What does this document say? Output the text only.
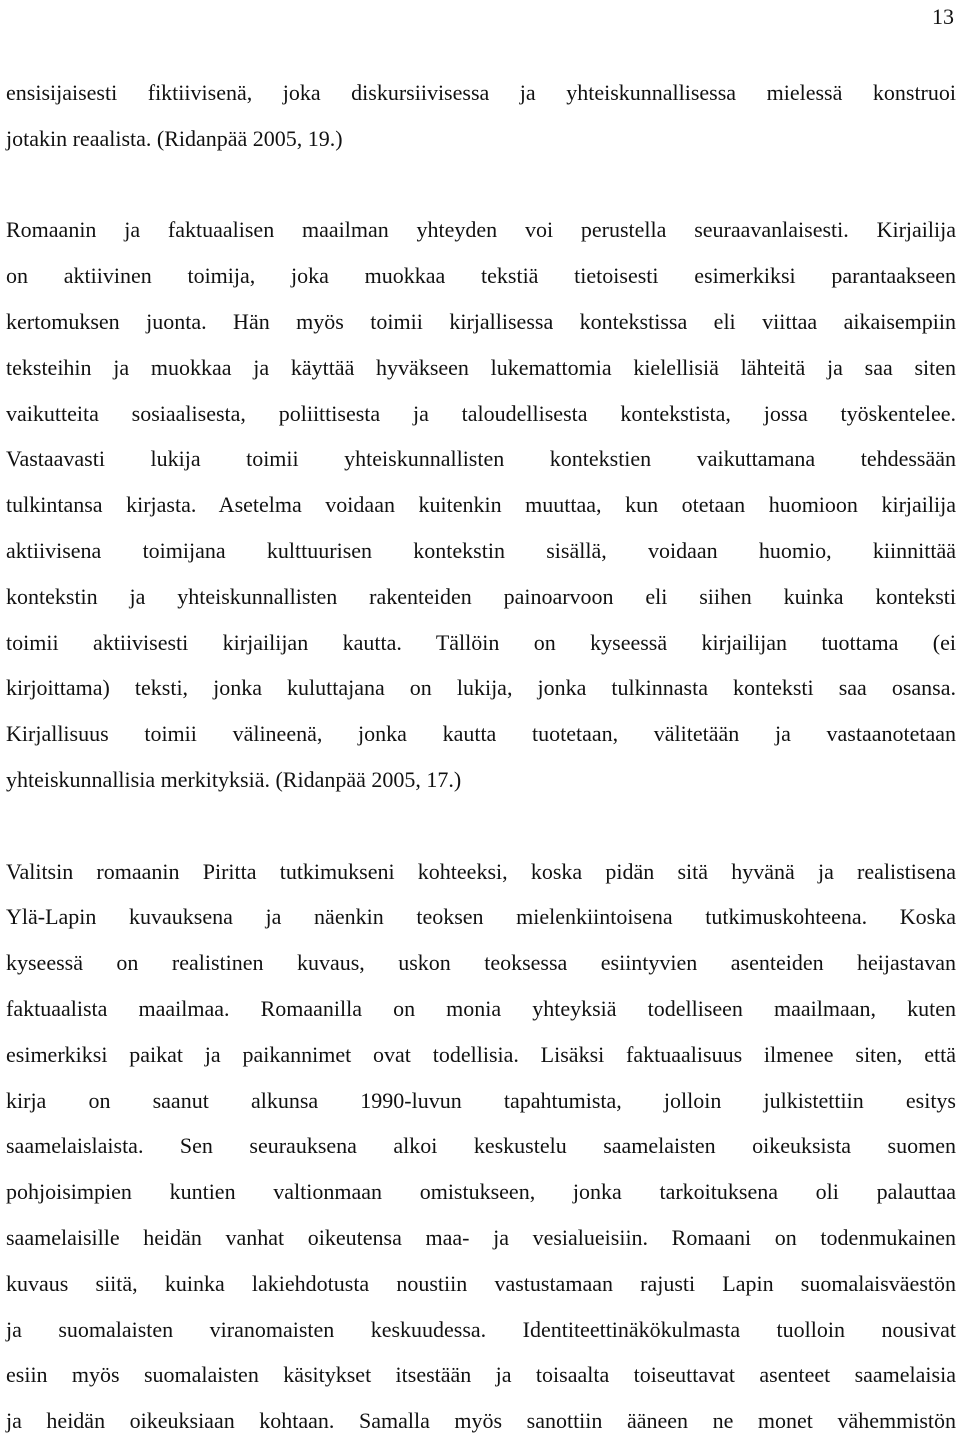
13
ensisijaisesti fiktiivisenä, joka diskursiivisessa ja yhteiskunnallisessa mielessä konstruoi
jotakin reaalista. (Ridanpää 2005, 19.)
Romaanin ja faktuaalisen maailman yhteyden voi perustella seuraavanlaisesti. Kirjailija
on aktiivinen toimija, joka muokkaa tekstiä tietoisesti esimerkiksi parantaakseen
kertomuksen juonta. Hän myös toimii kirjallisessa kontekstissa eli viittaa aikaisempiin
teksteihin ja muokkaa ja käyttää hyväkseen lukemattomia kielellisiä lähteitä ja saa siten
vaikutteita sosiaalisesta, poliittisesta ja taloudellisesta kontekstista, jossa työskentelee.
Vastaavasti lukija toimii yhteiskunnallisten kontekstien vaikuttamana tehdessään
tulkintansa kirjasta. Asetelma voidaan kuitenkin muuttaa, kun otetaan huomioon kirjailija
aktiivisena toimijana kulttuurisen kontekstin sisällä, voidaan huomio, kiinnittää
kontekstin ja yhteiskunnallisten rakenteiden painoarvoon eli siihen kuinka konteksti
toimii aktiivisesti kirjailijan kautta. Tällöin on kyseessä kirjailijan tuottama (ei
kirjoittama) teksti, jonka kuluttajana on lukija, jonka tulkinnasta konteksti saa osansa.
Kirjallisuus toimii välineenä, jonka kautta tuotetaan, välitetään ja vastaanotetaan
yhteiskunnallisia merkityksiä. (Ridanpää 2005, 17.)
Valitsin romaanin Piritta tutkimukseni kohteeksi, koska pidän sitä hyvänä ja realistisena
Ylä-Lapin kuvauksena ja näenkin teoksen mielenkiintoisena tutkimuskohteena. Koska
kyseessä on realistinen kuvaus, uskon teoksessa esiintyvien asenteiden heijastavan
faktuaalista maailmaa. Romaanilla on monia yhteyksiä todelliseen maailmaan, kuten
esimerkiksi paikat ja paikannimet ovat todellisia. Lisäksi faktuaalisuus ilmenee siten, että
kirja on saanut alkunsa 1990-luvun tapahtumista, jolloin julkistettiin esitys
saamelaislaista. Sen seurauksena alkoi keskustelu saamelaisten oikeuksista suomen
pohjoisimpien kuntien valtionmaan omistukseen, jonka tarkoituksena oli palauttaa
saamelaisille heidän vanhat oikeutensa maa- ja vesialueisiin. Romaani on todenmukainen
kuvaus siitä, kuinka lakiehdotusta noustiin vastustamaan rajusti Lapin suomalaisväestön
ja suomalaisten viranomaisten keskuudessa. Identiteettinäkökulmasta tuolloin nousivat
esiin myös suomalaisten käsitykset itsestään ja toisaalta toiseuttavat asenteet saamelaisia
ja heidän oikeuksiaan kohtaan. Samalla myös sanottiin ääneen ne monet vähemmistön
